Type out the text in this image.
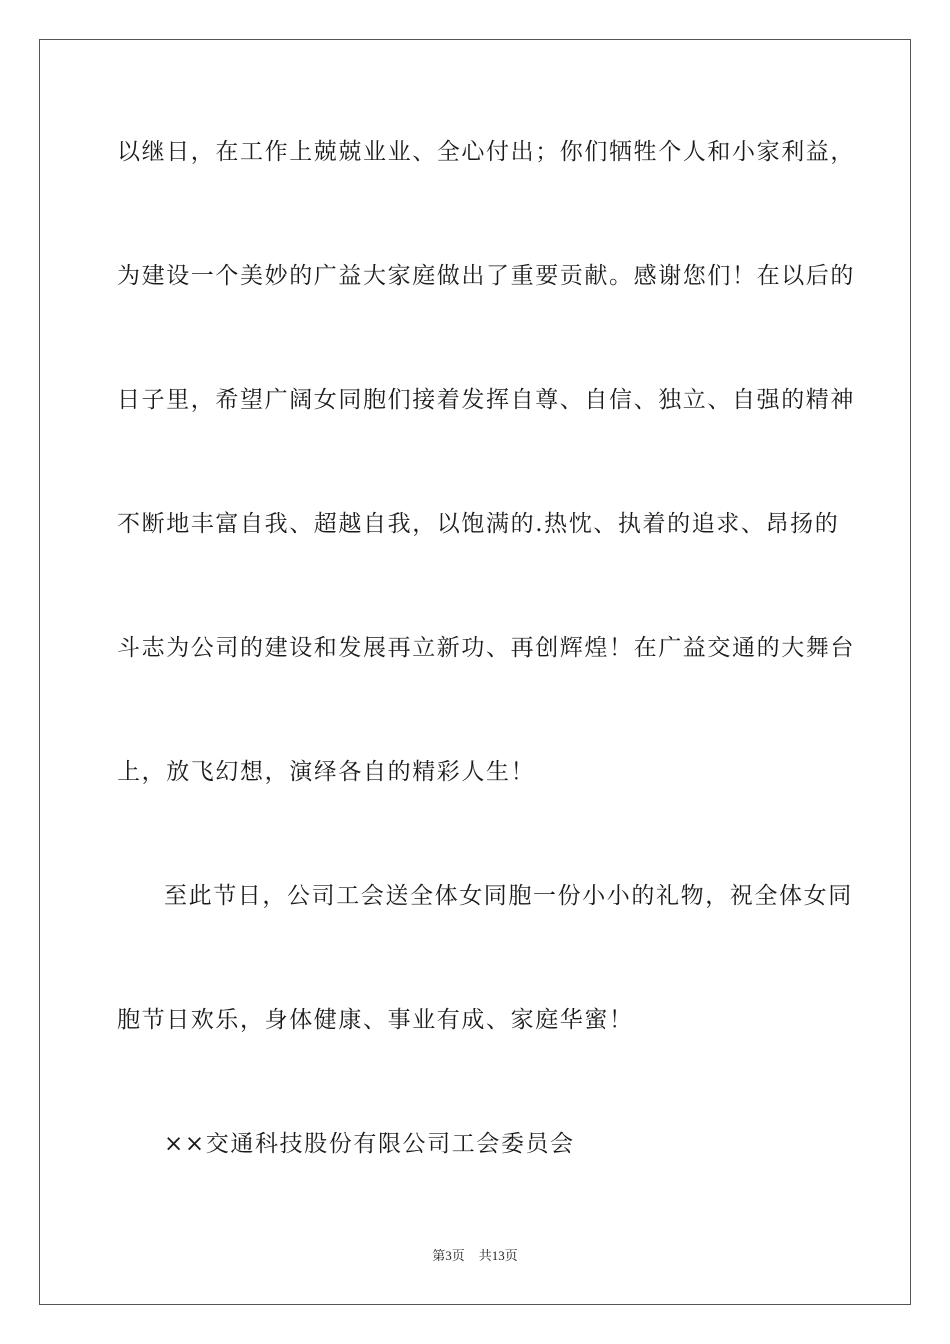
以继日，在工作上兢兢业业、全心付出；你们牺牲个人和小家利益，
为建设一个美妙的广益大家庭做出了重要贡献。感谢您们！在以后的
日子里，希望广阔女同胞们接着发挥自尊、自信、独立、自强的精神
不断地丰富自我、超越自我，以饱满的.热忱、执着的追求、昂扬的
斗志为公司的建设和发展再立新功、再创辉煌！在广益交通的大舞台
上，放飞幻想，演绎各自的精彩人生！
至此节日，公司工会送全体女同胞一份小小的礼物，祝全体女同
胞节日欢乐，身体健康、事业有成、家庭华蜜！
××交通科技股份有限公司工会委员会
第3页 共13页
